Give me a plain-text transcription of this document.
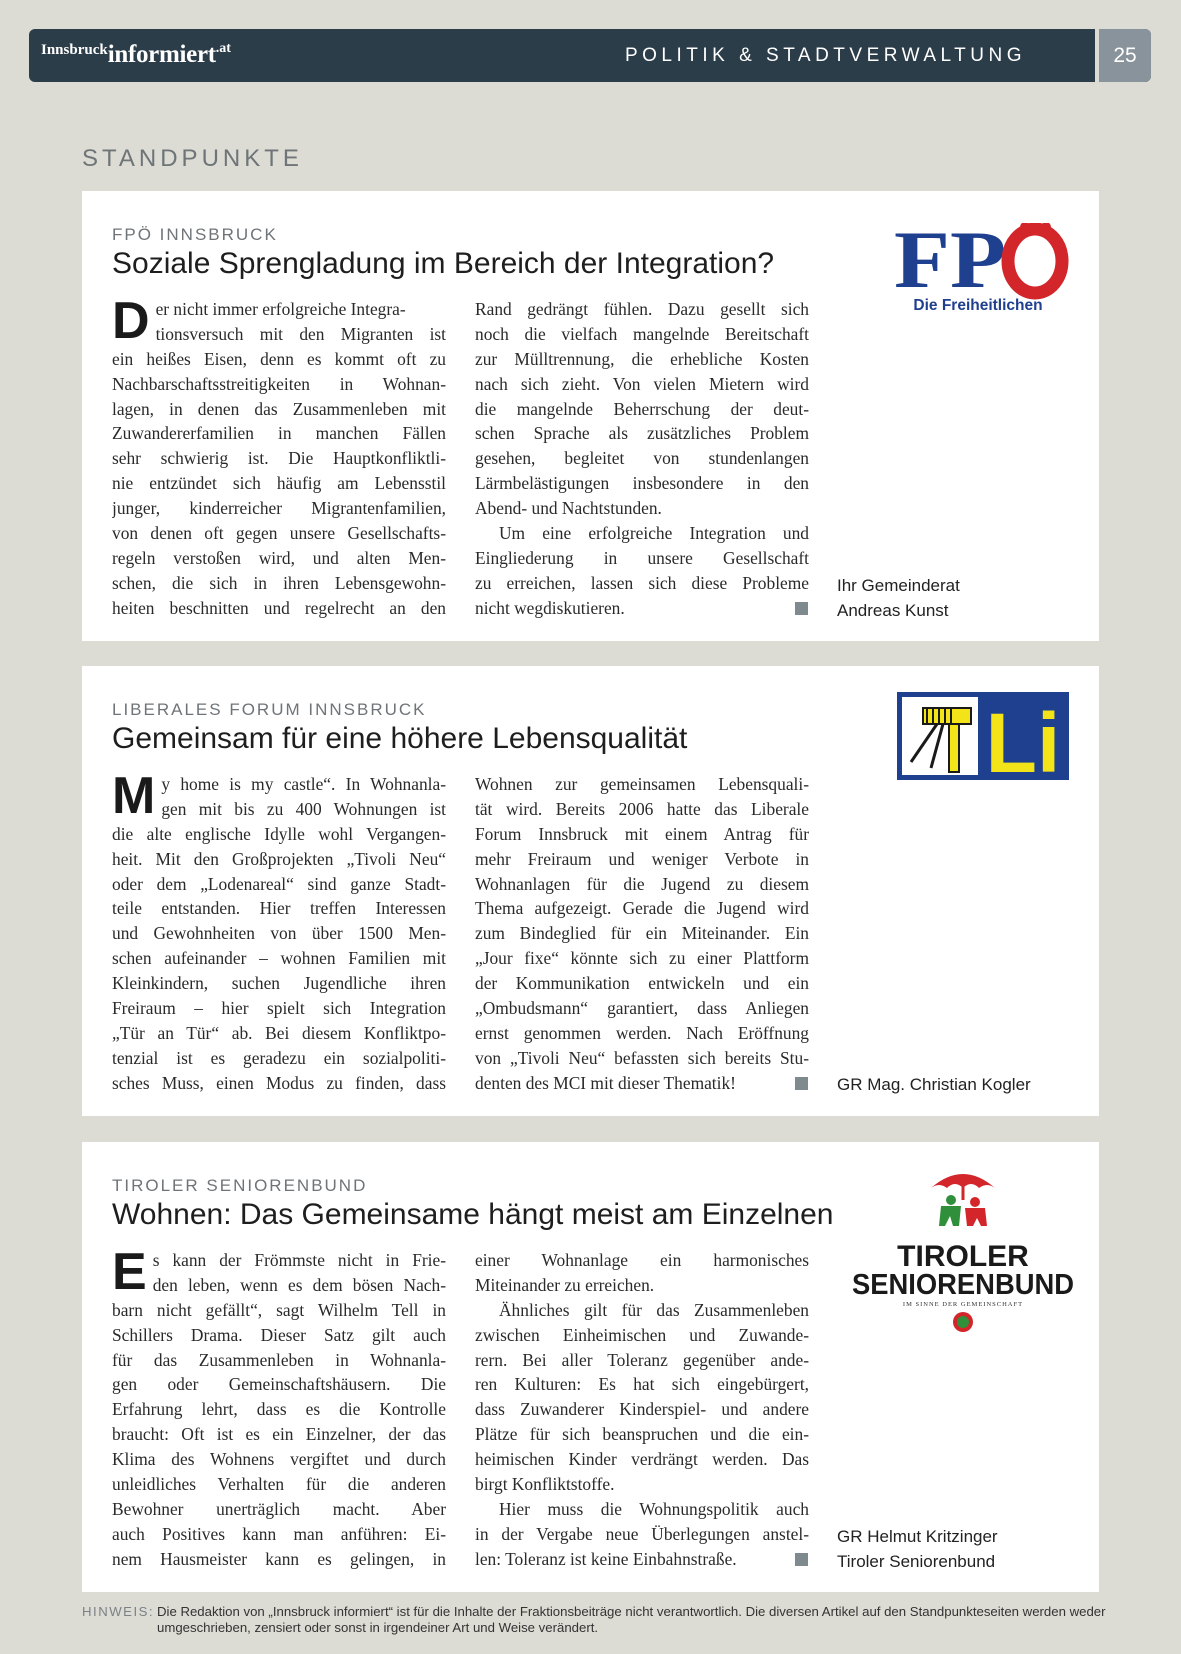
Innsbruckinformiert.at	POLITIK & STADTVERWALTUNG	25
STANDPUNKTE
FPÖ INNSBRUCK
Soziale Sprengladung im Bereich der Integration? FP
Die Freiheitlichen
D er nicht immer erfolgreiche Integra-
tionsversuch mit den Migranten ist
ein heißes Eisen, denn es kommt oft zu
Nachbarschaftsstreitigkeiten in Wohnan-
lagen, in denen das Zusammenleben mit
Zuwandererfamilien in manchen Fällen
sehr schwierig ist. Die Hauptkonfliktli-
nie entzündet sich häufig am Lebensstil
junger, kinderreicher Migrantenfamilien,
von denen oft gegen unsere Gesellschafts-
regeln verstoßen wird, und alten Men-
schen, die sich in ihren Lebensgewohn-
heiten beschnitten und regelrecht an den
Rand gedrängt fühlen. Dazu gesellt sich
noch die vielfach mangelnde Bereitschaft
zur Mülltrennung, die erhebliche Kosten
nach sich zieht. Von vielen Mietern wird
die mangelnde Beherrschung der deut-
schen Sprache als zusätzliches Problem
gesehen, begleitet von stundenlangen
Lärmbelästigungen insbesondere in den
Abend- und Nachtstunden.
Um eine erfolgreiche Integration und
Eingliederung in unsere Gesellschaft
zu erreichen, lassen sich diese Probleme
nicht wegdiskutieren.
Ihr Gemeinderat
Andreas Kunst
LIBERALES FORUM INNSBRUCK
Gemeinsam für eine höhere Lebensqualität	Li
M y home is my castle“. In Wohnanla-
gen mit bis zu 400 Wohnungen ist
die alte englische Idylle wohl Vergangen-
heit. Mit den Großprojekten „Tivoli Neu“
oder dem „Lodenareal“ sind ganze Stadt-
teile entstanden. Hier treffen Interessen
und Gewohnheiten von über 1500 Men-
schen aufeinander – wohnen Familien mit
Kleinkindern, suchen Jugendliche ihren
Freiraum – hier spielt sich Integration
„Tür an Tür“ ab. Bei diesem Konfliktpo-
tenzial ist es geradezu ein sozialpoliti-
sches Muss, einen Modus zu finden, dass
Wohnen zur gemeinsamen Lebensquali-
tät wird. Bereits 2006 hatte das Liberale
Forum Innsbruck mit einem Antrag für
mehr Freiraum und weniger Verbote in
Wohnanlagen für die Jugend zu diesem
Thema aufgezeigt. Gerade die Jugend wird
zum Bindeglied für ein Miteinander. Ein
„Jour fixe“ könnte sich zu einer Plattform
der Kommunikation entwickeln und ein
„Ombudsmann“ garantiert, dass Anliegen
ernst genommen werden. Nach Eröffnung
von „Tivoli Neu“ befassten sich bereits Stu-
denten des MCI mit dieser Thematik!	GR Mag. Christian Kogler
TIROLER SENIORENBUND
Wohnen: Das Gemeinsame hängt meist am Einzelnen
TIROLER
SENIORENBUND
IM SINNE DER GEMEINSCHAFT
E s kann der Frömmste nicht in Frie-
den leben, wenn es dem bösen Nach-
barn nicht gefällt“, sagt Wilhelm Tell in
Schillers Drama. Dieser Satz gilt auch
für das Zusammenleben in Wohnanla-
gen oder Gemeinschaftshäusern. Die
Erfahrung lehrt, dass es die Kontrolle
braucht: Oft ist es ein Einzelner, der das
Klima des Wohnens vergiftet und durch
unleidliches Verhalten für die anderen
Bewohner unerträglich macht. Aber
auch Positives kann man anführen: Ei-
nem Hausmeister kann es gelingen, in
einer Wohnanlage ein harmonisches
Miteinander zu erreichen.
Ähnliches gilt für das Zusammenleben
zwischen Einheimischen und Zuwande-
rern. Bei aller Toleranz gegenüber ande-
ren Kulturen: Es hat sich eingebürgert,
dass Zuwanderer Kinderspiel- und andere
Plätze für sich beanspruchen und die ein-
heimischen Kinder verdrängt werden. Das
birgt Konfliktstoffe.
Hier muss die Wohnungspolitik auch
in der Vergabe neue Überlegungen anstel-
len: Toleranz ist keine Einbahnstraße.
GR Helmut Kritzinger
Tiroler Seniorenbund
HINWEIS: Die Redaktion von „Innsbruck informiert“ ist für die Inhalte der Fraktionsbeiträge nicht verantwortlich. Die diversen Artikel auf den Standpunkteseiten werden weder umgeschrieben, zensiert oder sonst in irgendeiner Art und Weise verändert.
